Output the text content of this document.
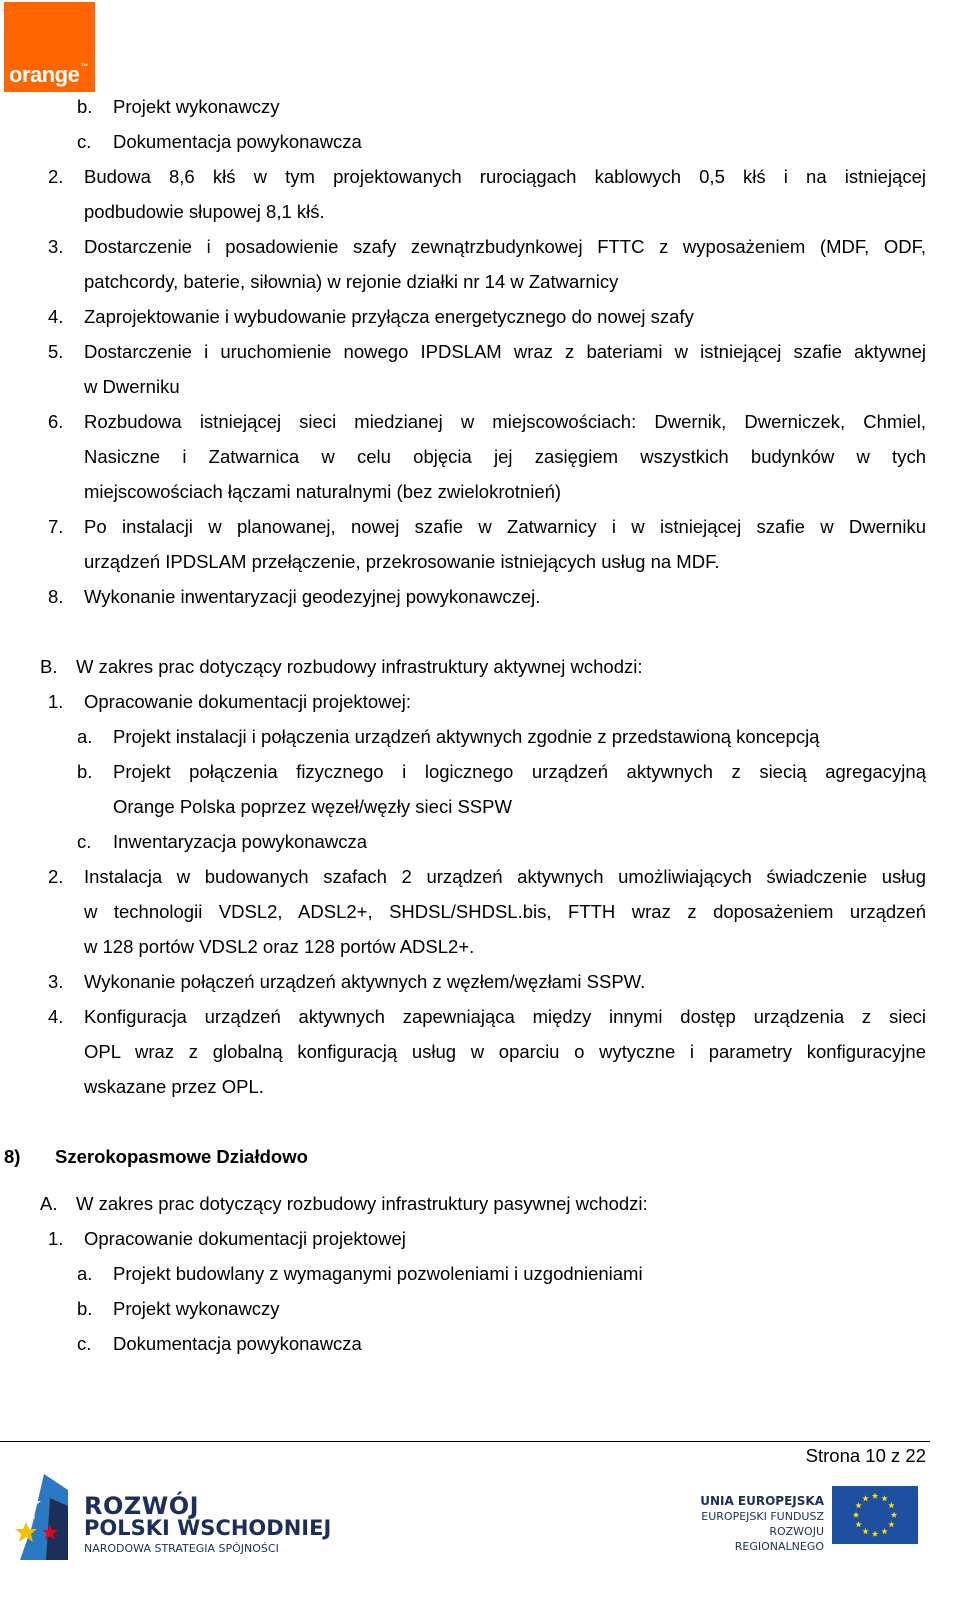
orange™
b. Projekt wykonawczy
c. Dokumentacja powykonawcza
2. Budowa 8,6 kłś w tym projektowanych rurociągach kablowych 0,5 kłś i na istniejącej
podbudowie słupowej 8,1 kłś.
3. Dostarczenie i posadowienie szafy zewnątrzbudynkowej FTTC z wyposażeniem (MDF, ODF,
patchcordy, baterie, siłownia) w rejonie działki nr 14 w Zatwarnicy
4. Zaprojektowanie i wybudowanie przyłącza energetycznego do nowej szafy
5. Dostarczenie i uruchomienie nowego IPDSLAM wraz z bateriami w istniejącej szafie aktywnej
w Dwerniku
6. Rozbudowa istniejącej sieci miedzianej w miejscowościach: Dwernik, Dwerniczek, Chmiel,
Nasiczne i Zatwarnica w celu objęcia jej zasięgiem wszystkich budynków w tych
miejscowościach łączami naturalnymi (bez zwielokrotnień)
7. Po instalacji w planowanej, nowej szafie w Zatwarnicy i w istniejącej szafie w Dwerniku
urządzeń IPDSLAM przełączenie, przekrosowanie istniejących usług na MDF.
8. Wykonanie inwentaryzacji geodezyjnej powykonawczej.
B. W zakres prac dotyczący rozbudowy infrastruktury aktywnej wchodzi:
1. Opracowanie dokumentacji projektowej:
a. Projekt instalacji i połączenia urządzeń aktywnych zgodnie z przedstawioną koncepcją
b. Projekt połączenia fizycznego i logicznego urządzeń aktywnych z siecią agregacyjną
Orange Polska poprzez węzeł/węzły sieci SSPW
c. Inwentaryzacja powykonawcza
2. Instalacja w budowanych szafach 2 urządzeń aktywnych umożliwiających świadczenie usług
w technologii VDSL2, ADSL2+, SHDSL/SHDSL.bis, FTTH wraz z doposażeniem urządzeń
w 128 portów VDSL2 oraz 128 portów ADSL2+.
3. Wykonanie połączeń urządzeń aktywnych z węzłem/węzłami SSPW.
4. Konfiguracja urządzeń aktywnych zapewniająca między innymi dostęp urządzenia z sieci
OPL wraz z globalną konfiguracją usług w oparciu o wytyczne i parametry konfiguracyjne
wskazane przez OPL.
8) Szerokopasmowe Działdowo
A. W zakres prac dotyczący rozbudowy infrastruktury pasywnej wchodzi:
1. Opracowanie dokumentacji projektowej
a. Projekt budowlany z wymaganymi pozwoleniami i uzgodnieniami
b. Projekt wykonawczy
c. Dokumentacja powykonawcza
Strona 10 z 22
ROZWÓJ
POLSKI WSCHODNIEJ
NARODOWA STRATEGIA SPÓJNOŚCI
UNIA EUROPEJSKA
EUROPEJSKI FUNDUSZ
ROZWOJU REGIONALNEGO
